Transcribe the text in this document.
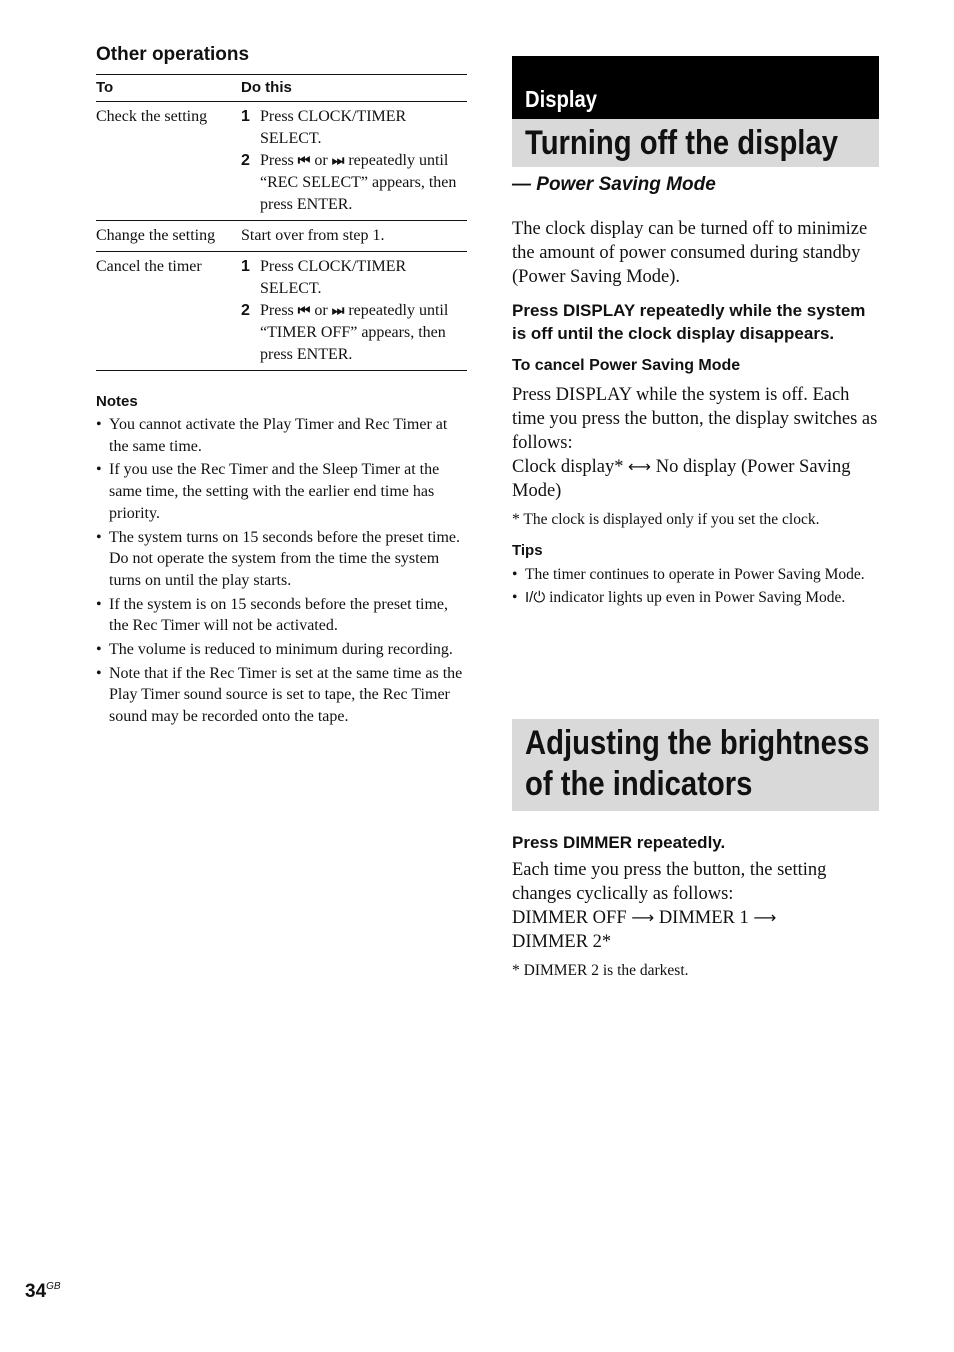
Other operations
To	Do this
Check the setting	1 Press CLOCK/TIMER SELECT.
2 Press ⏮ or ⏭ repeatedly until “REC SELECT” appears, then press ENTER.

Change the setting	Start over from step 1.
Cancel the timer	1 Press CLOCK/TIMER SELECT.
2 Press ⏮ or ⏭ repeatedly until “TIMER OFF” appears, then press ENTER.
Notes
• You cannot activate the Play Timer and Rec Timer at the same time.
• If you use the Rec Timer and the Sleep Timer at the same time, the setting with the earlier end time has priority.
• The system turns on 15 seconds before the preset time. Do not operate the system from the time the system turns on until the play starts.
• If the system is on 15 seconds before the preset time, the Rec Timer will not be activated.
• The volume is reduced to minimum during recording.
• Note that if the Rec Timer is set at the same time as the Play Timer sound source is set to tape, the Rec Timer sound may be recorded onto the tape.
Display
Turning off the display
— Power Saving Mode

The clock display can be turned off to minimize the amount of power consumed during standby (Power Saving Mode).

Press DISPLAY repeatedly while the system is off until the clock display disappears.

To cancel Power Saving Mode

Press DISPLAY while the system is off. Each time you press the button, the display switches as follows:

Clock display* ⟷ No display (Power Saving Mode)

* The clock is displayed only if you set the clock.

Tips

• The timer continues to operate in Power Saving Mode.
• I/⏻ indicator lights up even in Power Saving Mode.
Adjusting the brightness
of the indicators

Press DIMMER repeatedly.

Each time you press the button, the setting changes cyclically as follows:

DIMMER OFF ⟶ DIMMER 1 ⟶
DIMMER 2*

* DIMMER 2 is the darkest.

$34^{GB}$
